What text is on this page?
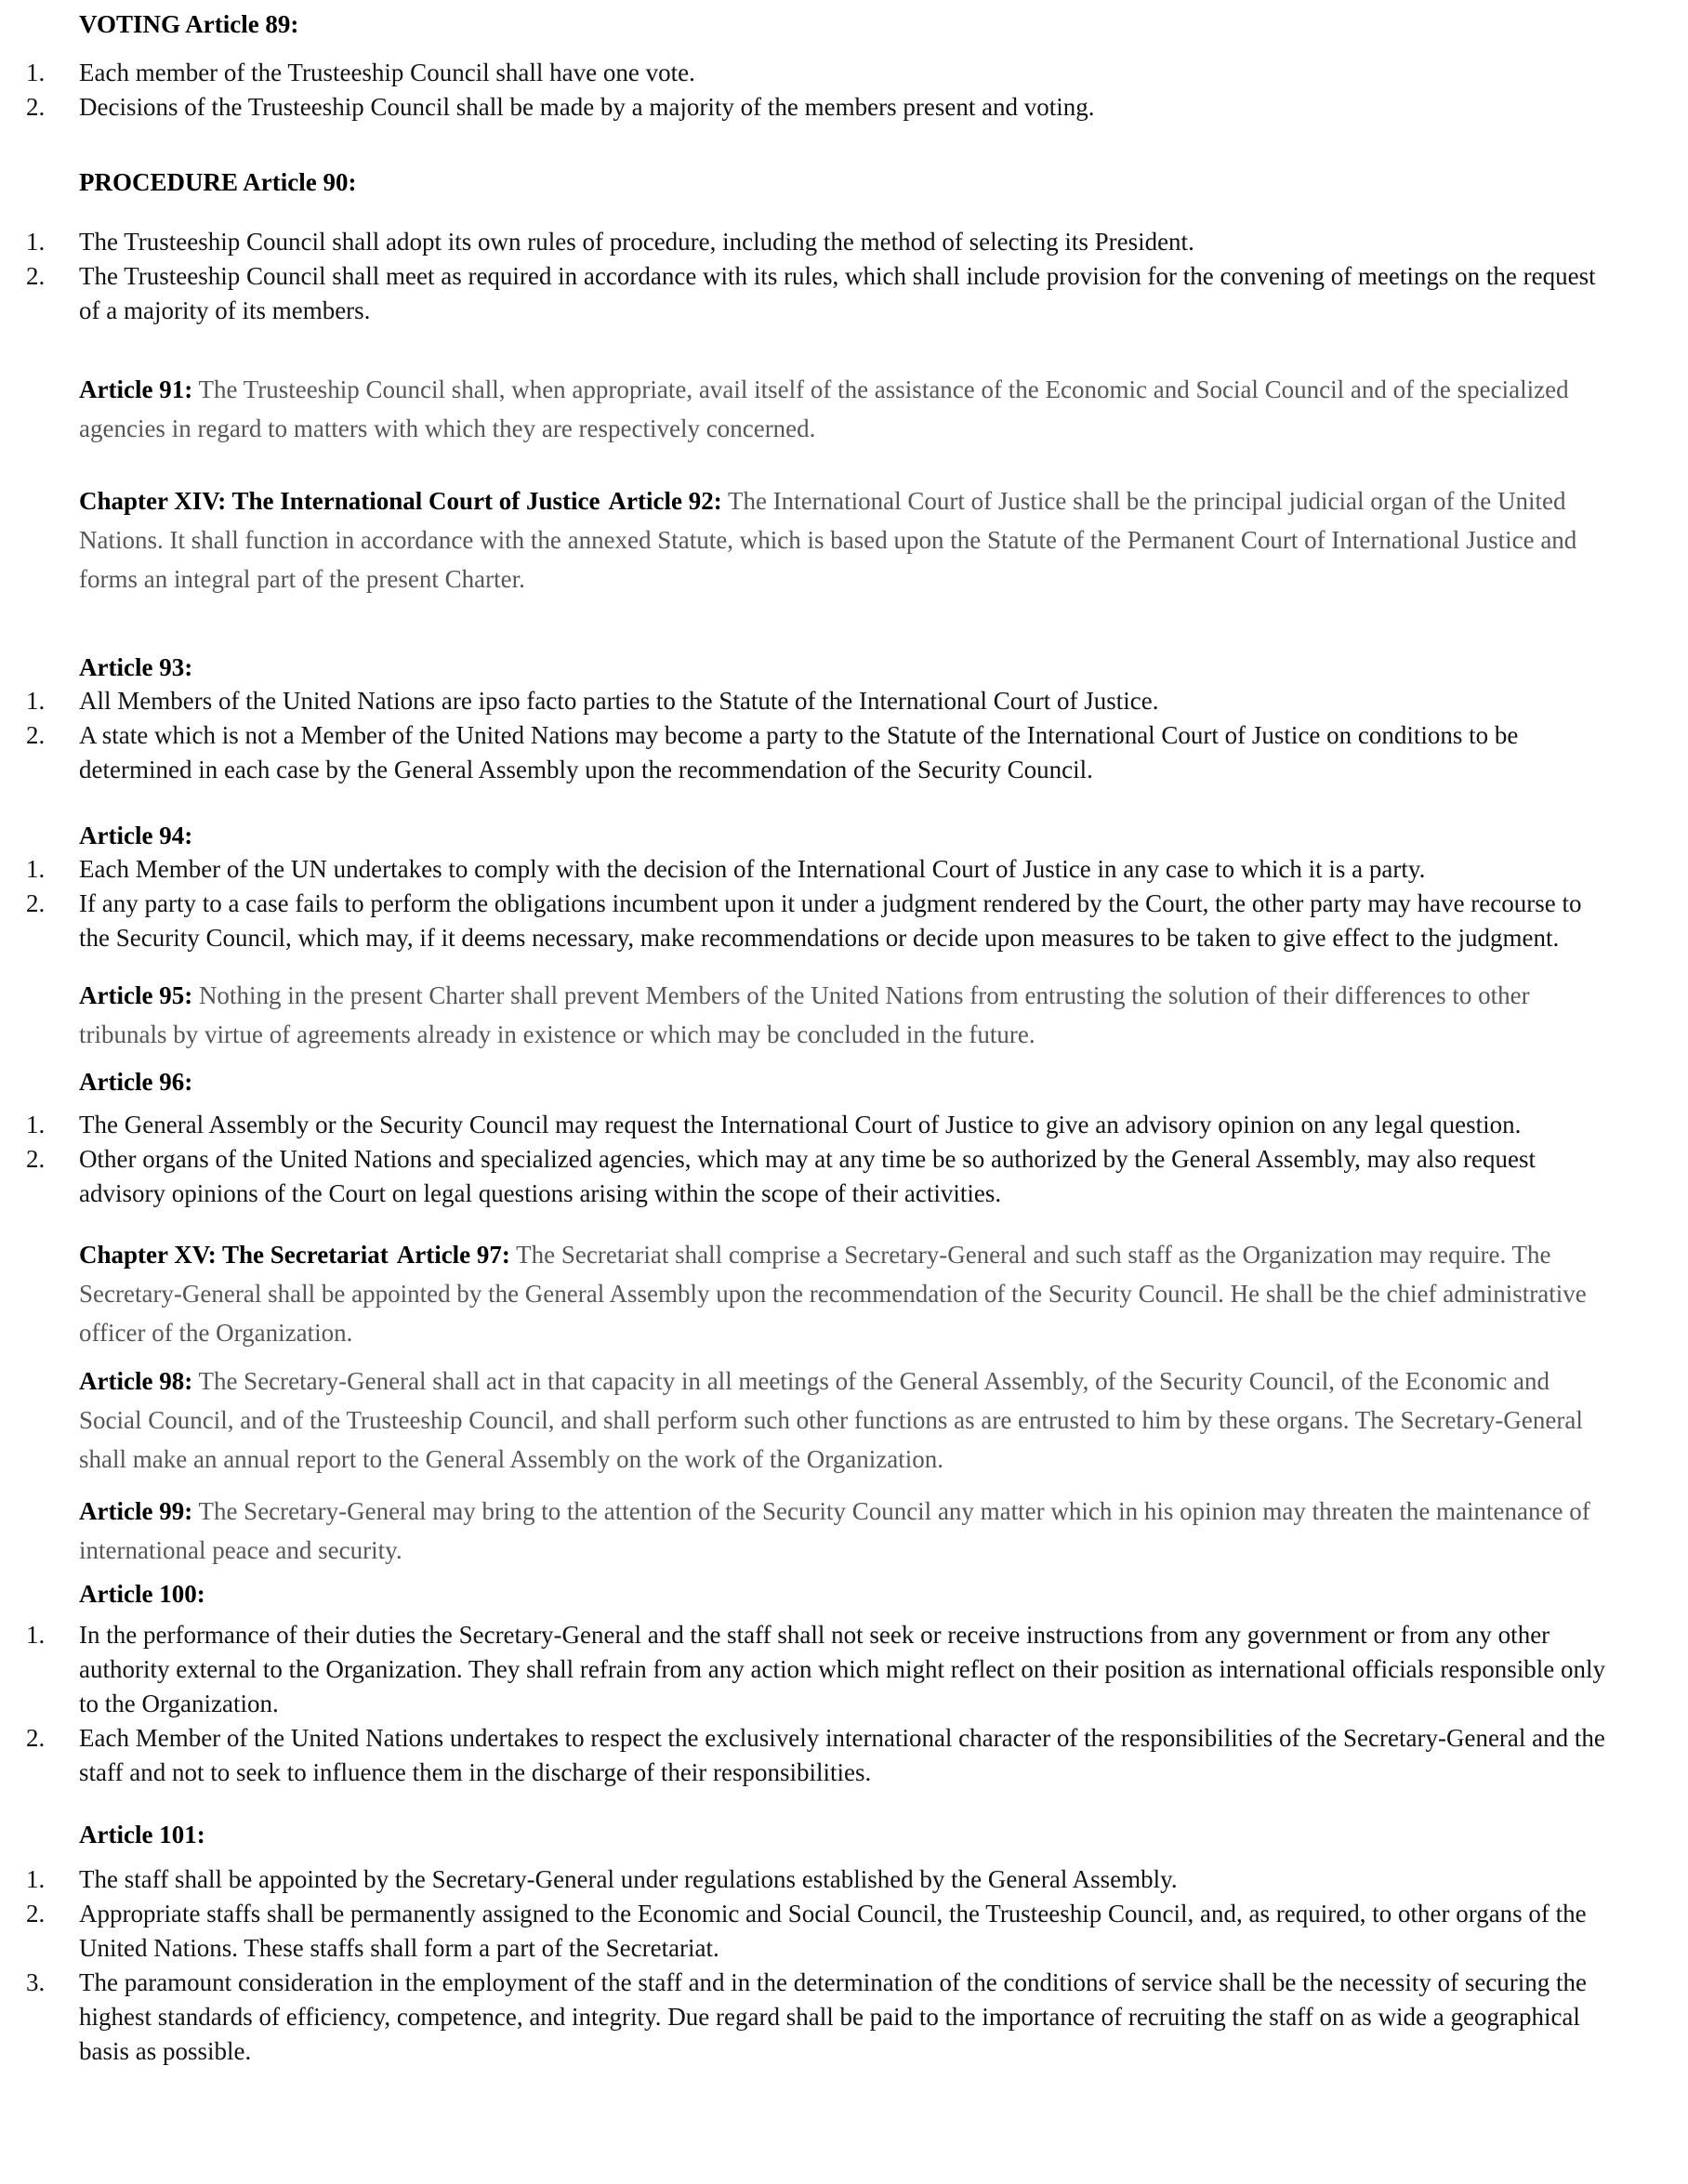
VOTING Article 89:
1. Each member of the Trusteeship Council shall have one vote.
2. Decisions of the Trusteeship Council shall be made by a majority of the members present and voting.
PROCEDURE Article 90:
1. The Trusteeship Council shall adopt its own rules of procedure, including the method of selecting its President.
2. The Trusteeship Council shall meet as required in accordance with its rules, which shall include provision for the convening of meetings on the request of a majority of its members.

Article 91: The Trusteeship Council shall, when appropriate, avail itself of the assistance of the Economic and Social Council and of the specialized agencies in regard to matters with which they are respectively concerned.

Chapter XIV: The International Court of Justice Article 92: The International Court of Justice shall be the principal judicial organ of the United Nations. It shall function in accordance with the annexed Statute, which is based upon the Statute of the Permanent Court of International Justice and forms an integral part of the present Charter.

Article 93:
1. All Members of the United Nations are ipso facto parties to the Statute of the International Court of Justice.
2. A state which is not a Member of the United Nations may become a party to the Statute of the International Court of Justice on conditions to be determined in each case by the General Assembly upon the recommendation of the Security Council.
Article 94:
1. Each Member of the UN undertakes to comply with the decision of the International Court of Justice in any case to which it is a party.
2. If any party to a case fails to perform the obligations incumbent upon it under a judgment rendered by the Court, the other party may have recourse to the Security Council, which may, if it deems necessary, make recommendations or decide upon measures to be taken to give effect to the judgment.

Article 95: Nothing in the present Charter shall prevent Members of the United Nations from entrusting the solution of their differences to other tribunals by virtue of agreements already in existence or which may be concluded in the future.

Article 96:
1. The General Assembly or the Security Council may request the International Court of Justice to give an advisory opinion on any legal question.
2. Other organs of the United Nations and specialized agencies, which may at any time be so authorized by the General Assembly, may also request advisory opinions of the Court on legal questions arising within the scope of their activities.

Chapter XV: The Secretariat Article 97: The Secretariat shall comprise a Secretary-General and such staff as the Organization may require. The Secretary-General shall be appointed by the General Assembly upon the recommendation of the Security Council. He shall be the chief administrative officer of the Organization.

Article 98: The Secretary-General shall act in that capacity in all meetings of the General Assembly, of the Security Council, of the Economic and Social Council, and of the Trusteeship Council, and shall perform such other functions as are entrusted to him by these organs. The Secretary-General shall make an annual report to the General Assembly on the work of the Organization.

Article 99: The Secretary-General may bring to the attention of the Security Council any matter which in his opinion may threaten the maintenance of international peace and security.

Article 100:
1. In the performance of their duties the Secretary-General and the staff shall not seek or receive instructions from any government or from any other authority external to the Organization. They shall refrain from any action which might reflect on their position as international officials responsible only to the Organization.
2. Each Member of the United Nations undertakes to respect the exclusively international character of the responsibilities of the Secretary-General and the staff and not to seek to influence them in the discharge of their responsibilities.
Article 101:
1. The staff shall be appointed by the Secretary-General under regulations established by the General Assembly.
2. Appropriate staffs shall be permanently assigned to the Economic and Social Council, the Trusteeship Council, and, as required, to other organs of the United Nations. These staffs shall form a part of the Secretariat.
3. The paramount consideration in the employment of the staff and in the determination of the conditions of service shall be the necessity of securing the highest standards of efficiency, competence, and integrity. Due regard shall be paid to the importance of recruiting the staff on as wide a geographical basis as possible.
